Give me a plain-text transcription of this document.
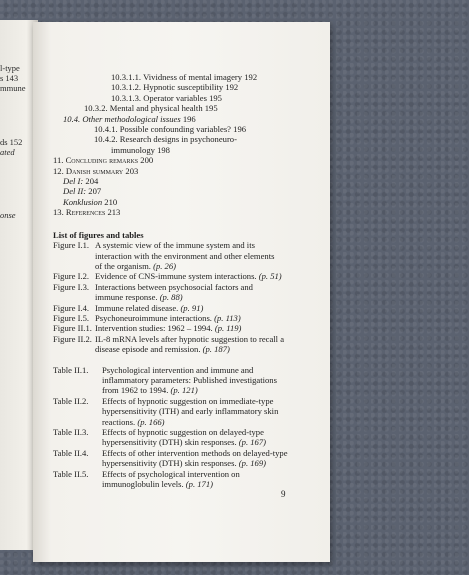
l-type
s 143
mmune
ds 152
ated
onse
10.3.1.1. Vividness of mental imagery 192
10.3.1.2. Hypnotic susceptibility 192
10.3.1.3. Operator variables 195
10.3.2. Mental and physical health 195
10.4. Other methodological issues 196
10.4.1. Possible confounding variables? 196
10.4.2. Research designs in psychoneuro-
immunology 198
11. Concluding remarks 200
12. Danish summary 203
Del I: 204
Del II: 207
Konklusion 210
13. References 213
List of figures and tables
Figure I.1. A systemic view of the immune system and its
interaction with the environment and other elements
of the organism. (p. 26)
Figure I.2. Evidence of CNS-immune system interactions. (p. 51)
Figure I.3. Interactions between psychosocial factors and
immune response. (p. 88)
Figure I.4. Immune related disease. (p. 91)
Figure I.5. Psychoneuroimmune interactions. (p. 113)
Figure II.1. Intervention studies: 1962 – 1994. (p. 119)
Figure II.2. IL-8 mRNA levels after hypnotic suggestion to recall a
disease episode and remission. (p. 187)
Table II.1.	Psychological intervention and immune and
inflammatory parameters: Published investigations
from 1962 to 1994. (p. 121)
Table II.2.	Effects of hypnotic suggestion on immediate-type
hypersensitivity (ITH) and early inflammatory skin
reactions. (p. 166)
Table II.3.	Effects of hypnotic suggestion on delayed-type
hypersensitivity (DTH) skin responses. (p. 167)
Table II.4.	Effects of other intervention methods on delayed-type
hypersensitivity (DTH) skin responses. (p. 169)
Table II.5.	Effects of psychological intervention on
immunoglobulin levels. (p. 171)
9
